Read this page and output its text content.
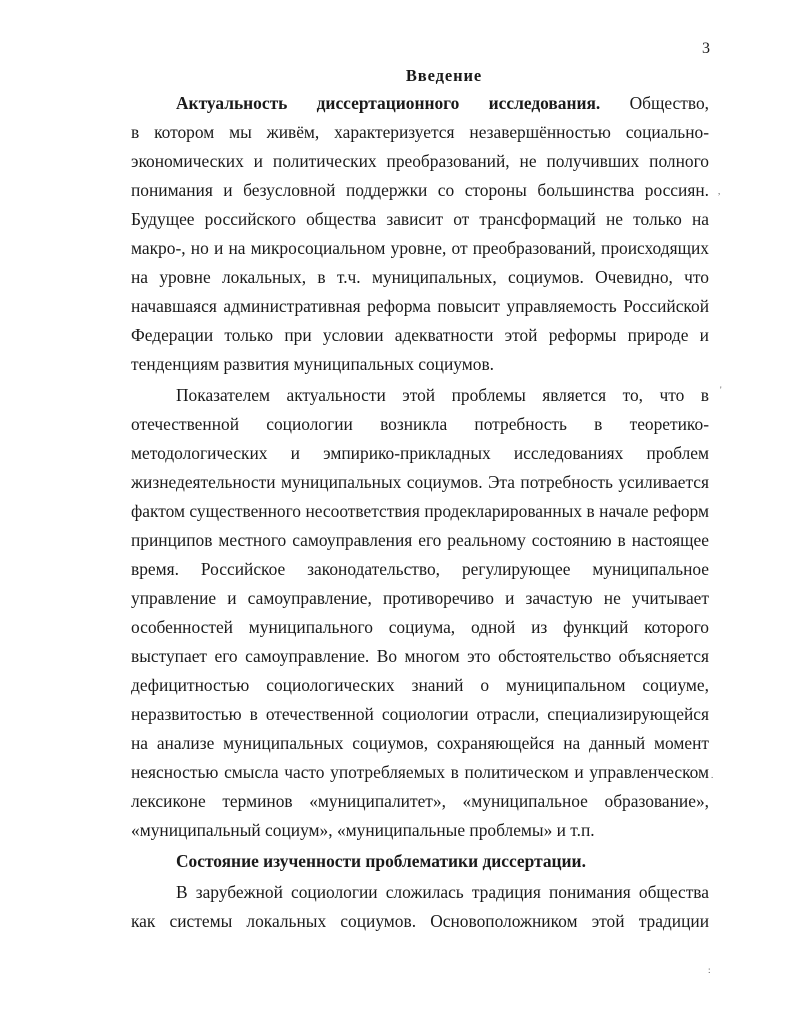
3
Введение
Актуальность диссертационного исследования. Общество,
в котором мы живём, характеризуется незавершённостью социально-
экономических и политических преобразований, не получивших полного
понимания и безусловной поддержки со стороны большинства россиян.
Будущее российского общества зависит от трансформаций не только на
макро-, но и на микросоциальном уровне, от преобразований, происходящих
на уровне локальных, в т.ч. муниципальных, социумов. Очевидно, что
начавшаяся административная реформа повысит управляемость Российской
Федерации только при условии адекватности этой реформы природе и
тенденциям развития муниципальных социумов.
Показателем актуальности этой проблемы является то, что в
отечественной социологии возникла потребность в теоретико-
методологических и эмпирико-прикладных исследованиях проблем
жизнедеятельности муниципальных социумов. Эта потребность усиливается
фактом существенного несоответствия продекларированных в начале реформ
принципов местного самоуправления его реальному состоянию в настоящее
время. Российское законодательство, регулирующее муниципальное
управление и самоуправление, противоречиво и зачастую не учитывает
особенностей муниципального социума, одной из функций которого
выступает его самоуправление. Во многом это обстоятельство объясняется
дефицитностью социологических знаний о муниципальном социуме,
неразвитостью в отечественной социологии отрасли, специализирующейся
на анализе муниципальных социумов, сохраняющейся на данный момент
неясностью смысла часто употребляемых в политическом и управленческом
лексиконе терминов «муниципалитет», «муниципальное образование»,
«муниципальный социум», «муниципальные проблемы» и т.п.
Состояние изученности проблематики диссертации.
В зарубежной социологии сложилась традиция понимания общества
как системы локальных социумов. Основоположником этой традиции
,
'
.
:
